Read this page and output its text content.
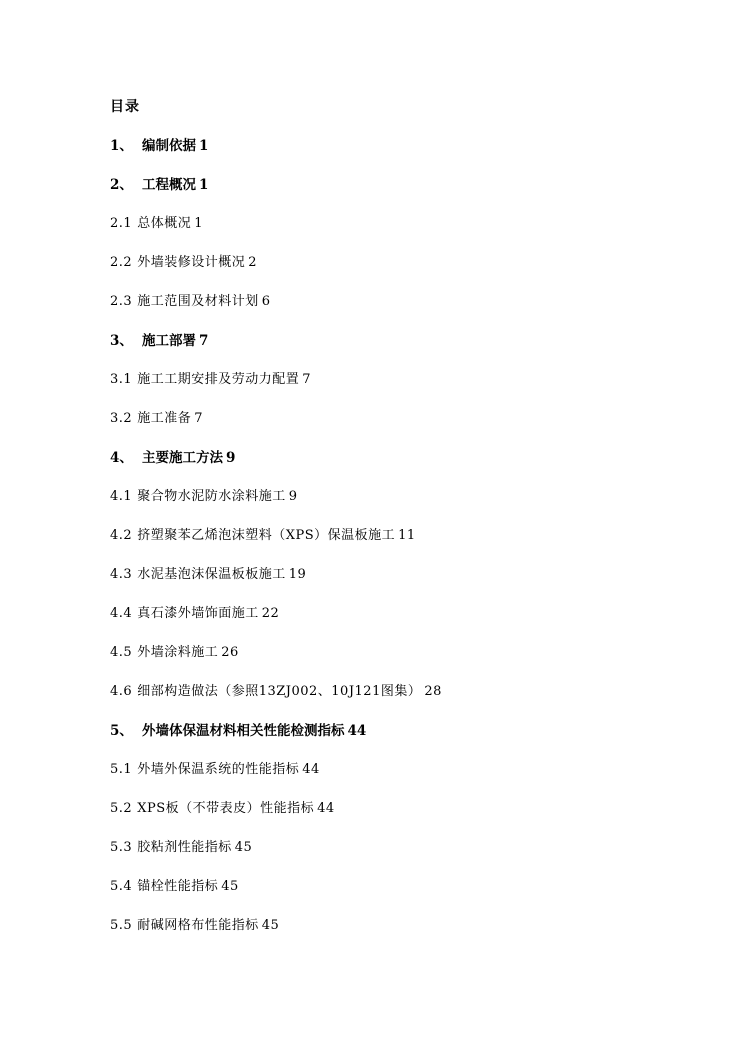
目录
1、 编制依据 1
2、 工程概况 1
2.1 总体概况 1
2.2 外墙装修设计概况 2
2.3 施工范围及材料计划 6
3、 施工部署 7
3.1 施工工期安排及劳动力配置 7
3.2 施工准备 7
4、 主要施工方法 9
4.1 聚合物水泥防水涂料施工 9
4.2 挤塑聚苯乙烯泡沫塑料（XPS）保温板施工 11
4.3 水泥基泡沫保温板板施工 19
4.4 真石漆外墙饰面施工 22
4.5 外墙涂料施工 26
4.6 细部构造做法（参照13ZJ002、10J121图集） 28
5、 外墙体保温材料相关性能检测指标 44
5.1 外墙外保温系统的性能指标 44
5.2 XPS板（不带表皮）性能指标 44
5.3 胶粘剂性能指标 45
5.4 锚栓性能指标 45
5.5 耐碱网格布性能指标 45
